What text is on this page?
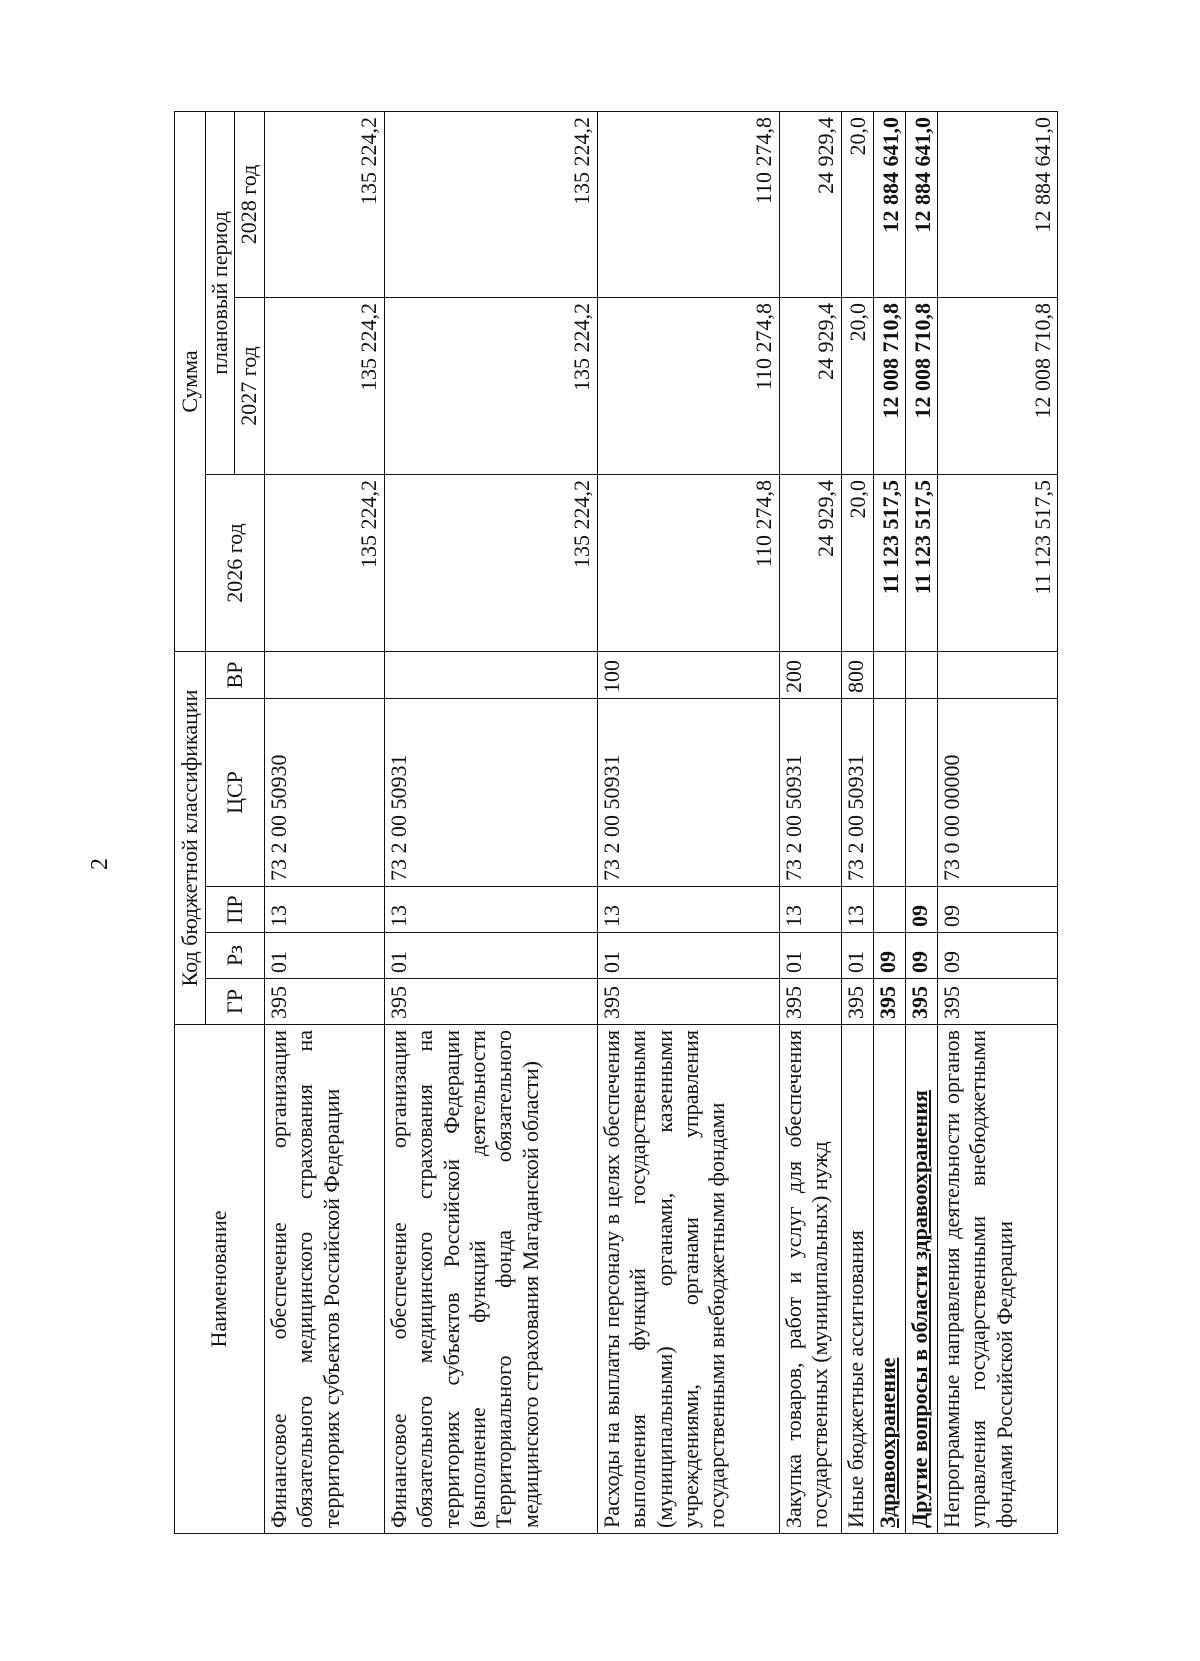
2
Наименование	Код бюджетной классификации					Сумма		
	ГР	Рз	ПР	ЦСР	ВР	2026 год	плановый период	
							2027 год	2028 год
Финансовое обеспечение организации обязательного медицинского страхования на территориях субъектов Российской Федерации	395	01	13	73 2 00 50930		135 224,2	135 224,2	135 224,2
Финансовое обеспечение организации обязательного медицинского страхования на территориях субъектов Российской Федерации (выполнение функций деятельности Территориального фонда обязательного медицинского страхования Магаданской области)	395	01	13	73 2 00 50931		135 224,2	135 224,2	135 224,2
Расходы на выплаты персоналу в целях обеспечения выполнения функций государственными (муниципальными) органами, казенными учреждениями, органами управления государственными внебюджетными фондами	395	01	13	73 2 00 50931	100	110 274,8	110 274,8	110 274,8
Закупка товаров, работ и услуг для обеспечения государственных (муниципальных) нужд	395	01	13	73 2 00 50931	200	24 929,4	24 929,4	24 929,4
Иные бюджетные ассигнования	395	01	13	73 2 00 50931	800	20,0	20,0	20,0
Здравоохранение	395	09				11 123 517,5	12 008 710,8	12 884 641,0
Другие вопросы в области здравоохранения	395	09	09			11 123 517,5	12 008 710,8	12 884 641,0
Непрограммные направления деятельности органов управления государственными внебюджетными фондами Российской Федерации	395	09	09	73 0 00 00000		11 123 517,5	12 008 710,8	12 884 641,0
